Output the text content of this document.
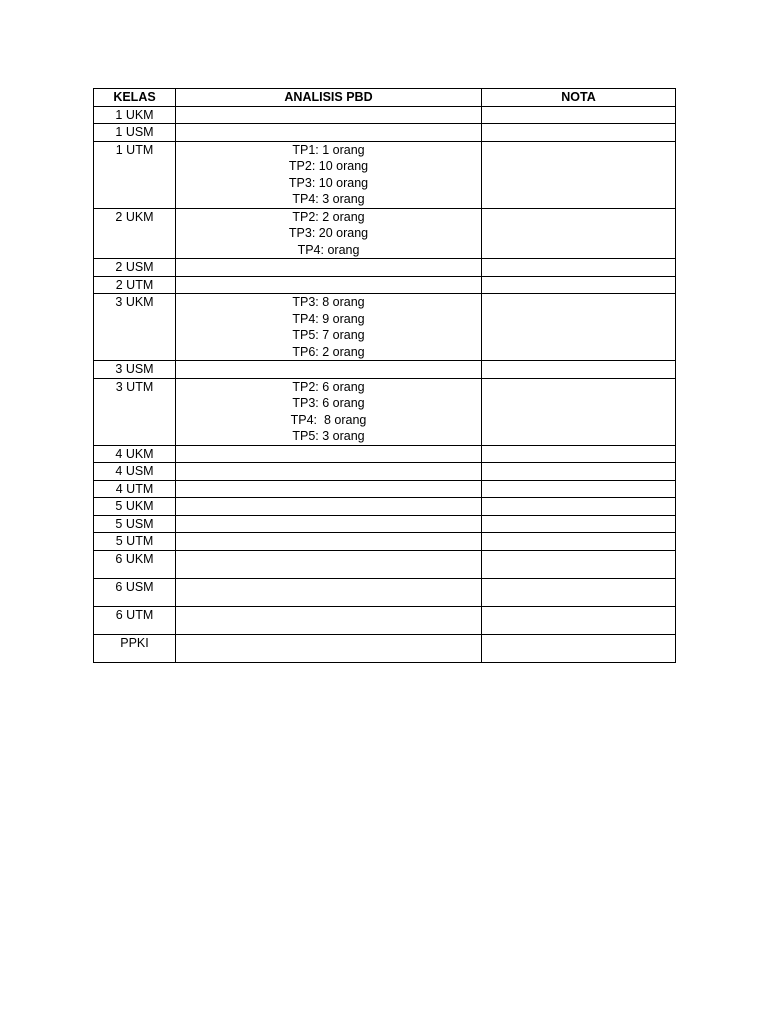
KELAS	ANALISIS PBD	NOTA
1 UKM		
1 USM		
1 UTM	TP1: 1 orang
TP2: 10 orang
TP3: 10 orang
TP4: 3 orang	

2 UKM	TP2: 2 orang
TP3: 20 orang
TP4: orang	

2 USM		
2 UTM		
3 UKM	TP3: 8 orang
TP4: 9 orang
TP5: 7 orang
TP6: 2 orang	

3 USM		
3 UTM	TP2: 6 orang
TP3: 6 orang
TP4:  8 orang
TP5: 3 orang	

4 UKM		
4 USM		
4 UTM		
5 UKM		
5 USM		
5 UTM		
6 UKM		
6 USM		
6 UTM		
PPKI		
